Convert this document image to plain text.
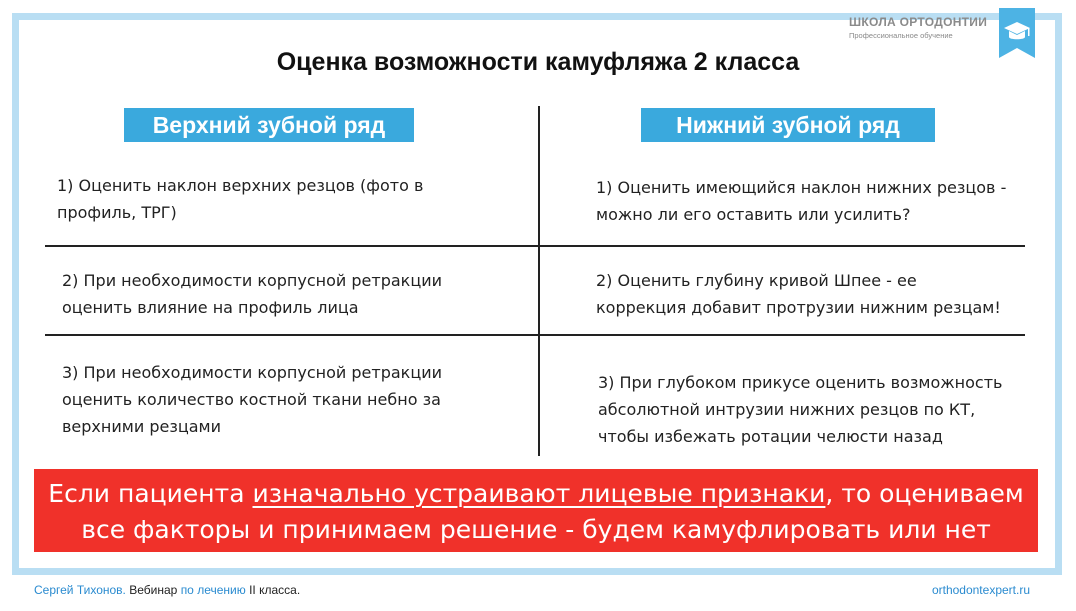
ШКОЛА ОРТОДОНТИИ
Профессиональное обучение
Оценка возможности камуфляжа 2 класса
Верхний зубной ряд	Нижний зубной ряд
1) Оценить наклон верхних резцов (фото в
профиль, ТРГ)
1) Оценить имеющийся наклон нижних резцов -
можно ли его оставить или усилить?
2) При необходимости корпусной ретракции
оценить влияние на профиль лица
2) Оценить глубину кривой Шпее - ее
коррекция добавит протрузии нижним резцам!
3) При необходимости корпусной ретракции
оценить количество костной ткани небно за
верхними резцами
3) При глубоком прикусе оценить возможность
абсолютной интрузии нижних резцов по КТ,
чтобы избежать ротации челюсти назад
Если пациента изначально устраивают лицевые признаки, то оцениваем
все факторы и принимаем решение - будем камуфлировать или нет
Сергей Тихонов. Вебинар по лечению II класса.	orthodontexpert.ru
